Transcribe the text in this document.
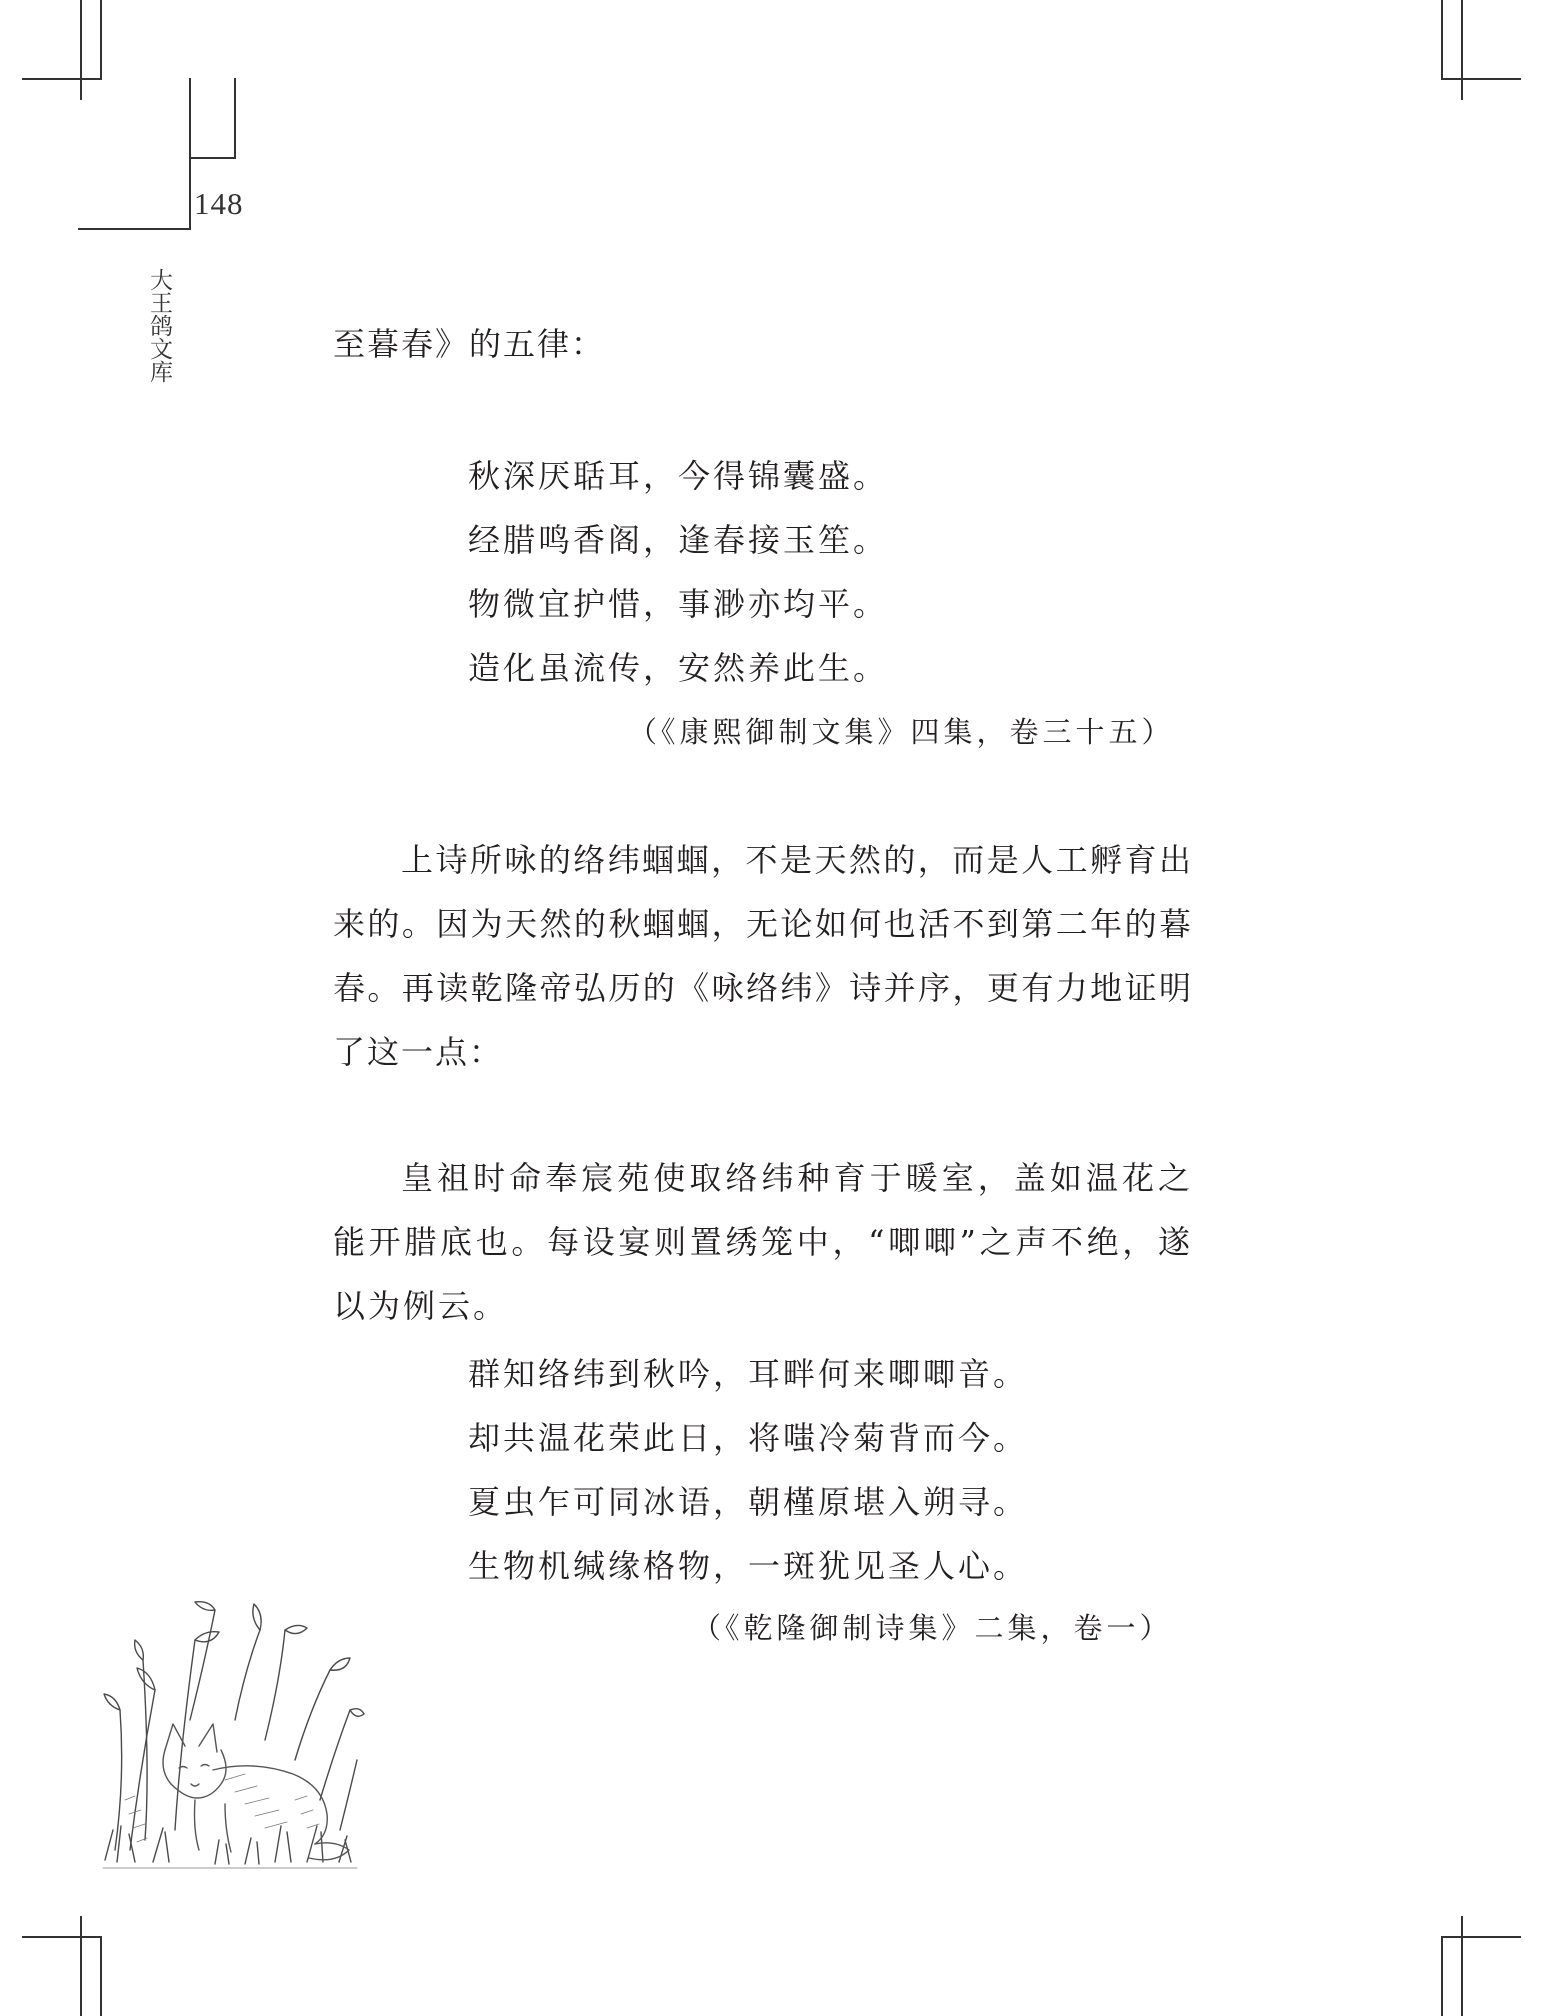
148
大王鸽文库	至暮春》的五律：

秋深厌聒耳，今得锦囊盛。
经腊鸣香阁，逢春接玉笙。
物微宜护惜，事渺亦均平。
造化虽流传，安然养此生。
（《康熙御制文集》四集，卷三十五）

上诗所咏的络纬蝈蝈，不是天然的，而是人工孵育出来的。因为天然的秋蝈蝈，无论如何也活不到第二年的暮春。再读乾隆帝弘历的《咏络纬》诗并序，更有力地证明了这一点：

皇祖时命奉宸苑使取络纬种育于暖室，盖如温花之能开腊底也。每设宴则置绣笼中，“唧唧”之声不绝，遂以为例云。

群知络纬到秋吟，耳畔何来唧唧音。
却共温花荣此日，将嗤冷菊背而今。
夏虫乍可同冰语，朝槿原堪入朔寻。
生物机缄缘格物，一斑犹见圣人心。
（《乾隆御制诗集》二集，卷一）
